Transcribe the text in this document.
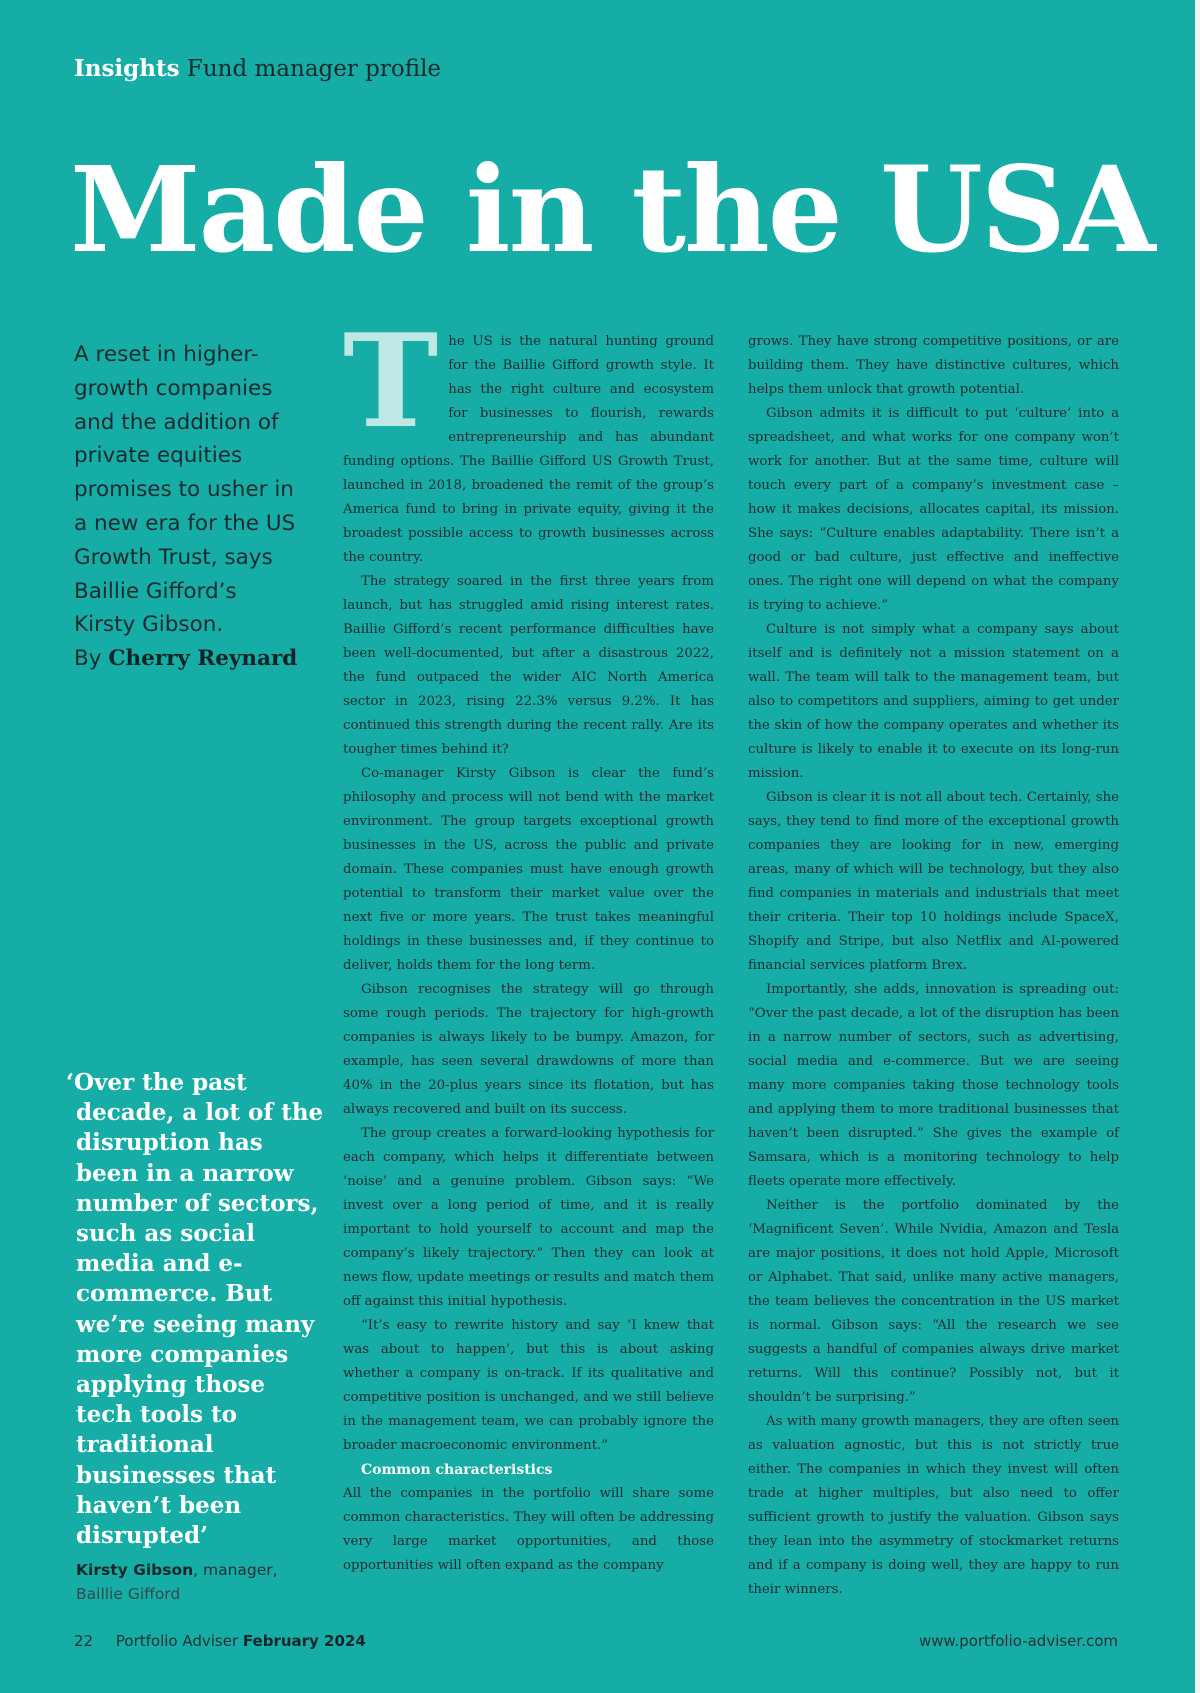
Insights Fund manager profile
Made in the USA
A reset in higher-growth companies and the addition of private equities promises to usher in a new era for the US Growth Trust, says Baillie Gifford’s Kirsty Gibson.
By Cherry Reynard
‘Over the past decade, a lot of the disruption has been in a narrow number of sectors, such as social media and e-commerce. But we’re seeing many more companies applying those tech tools to traditional businesses that haven’t been disrupted’
Kirsty Gibson, manager,
Baillie Gifford

The US is the natural hunting ground for the Baillie Gifford growth style. It has the right culture and ecosystem for businesses to flourish, rewards entrepreneurship and has abundant funding options. The Baillie Gifford US Growth Trust, launched in 2018, broadened the remit of the group’s America fund to bring in private equity, giving it the broadest possible access to growth businesses across the country.

The strategy soared in the first three years from launch, but has struggled amid rising interest rates. Baillie Gifford’s recent performance difficulties have been well-documented, but after a disastrous 2022, the fund outpaced the wider AIC North America sector in 2023, rising 22.3% versus 9.2%. It has continued this strength during the recent rally. Are its tougher times behind it?

Co-manager Kirsty Gibson is clear the fund’s philosophy and process will not bend with the market environment. The group targets exceptional growth businesses in the US, across the public and private domain. These companies must have enough growth potential to transform their market value over the next five or more years. The trust takes meaningful holdings in these businesses and, if they continue to deliver, holds them for the long term.

Gibson recognises the strategy will go through some rough periods. The trajectory for high-growth companies is always likely to be bumpy. Amazon, for example, has seen several drawdowns of more than 40% in the 20-plus years since its flotation, but has always recovered and built on its success.

The group creates a forward-looking hypothesis for each company, which helps it differentiate between ‘noise’ and a genuine problem. Gibson says: “We invest over a long period of time, and it is really important to hold yourself to account and map the company’s likely trajectory.” Then they can look at news flow, update meetings or results and match them off against this initial hypothesis.

“It’s easy to rewrite history and say ‘I knew that was about to happen’, but this is about asking whether a company is on-track. If its qualitative and competitive position is unchanged, and we still believe in the management team, we can probably ignore the broader macroeconomic environment.”

Common characteristics

All the companies in the portfolio will share some common characteristics. They will often be addressing very large market opportunities, and those opportunities will often expand as the company

grows. They have strong competitive positions, or are building them. They have distinctive cultures, which helps them unlock that growth potential.

Gibson admits it is difficult to put ‘culture’ into a spreadsheet, and what works for one company won’t work for another. But at the same time, culture will touch every part of a company’s investment case – how it makes decisions, allocates capital, its mission. She says: “Culture enables adaptability. There isn’t a good or bad culture, just effective and ineffective ones. The right one will depend on what the company is trying to achieve.”

Culture is not simply what a company says about itself and is definitely not a mission statement on a wall. The team will talk to the management team, but also to competitors and suppliers, aiming to get under the skin of how the company operates and whether its culture is likely to enable it to execute on its long-run mission.

Gibson is clear it is not all about tech. Certainly, she says, they tend to find more of the exceptional growth companies they are looking for in new, emerging areas, many of which will be technology, but they also find companies in materials and industrials that meet their criteria. Their top 10 holdings include SpaceX, Shopify and Stripe, but also Netflix and AI-powered financial services platform Brex.

Importantly, she adds, innovation is spreading out: “Over the past decade, a lot of the disruption has been in a narrow number of sectors, such as advertising, social media and e-commerce. But we are seeing many more companies taking those technology tools and applying them to more traditional businesses that haven’t been disrupted.” She gives the example of Samsara, which is a monitoring technology to help fleets operate more effectively.

Neither is the portfolio dominated by the ‘Magnificent Seven’. While Nvidia, Amazon and Tesla are major positions, it does not hold Apple, Microsoft or Alphabet. That said, unlike many active managers, the team believes the concentration in the US market is normal. Gibson says: “All the research we see suggests a handful of companies always drive market returns. Will this continue? Possibly not, but it shouldn’t be surprising.”

As with many growth managers, they are often seen as valuation agnostic, but this is not strictly true either. The companies in which they invest will often trade at higher multiples, but also need to offer sufficient growth to justify the valuation. Gibson says they lean into the asymmetry of stockmarket returns and if a company is doing well, they are happy to run their winners.

22 Portfolio Adviser February 2024	www.portfolio-adviser.com
